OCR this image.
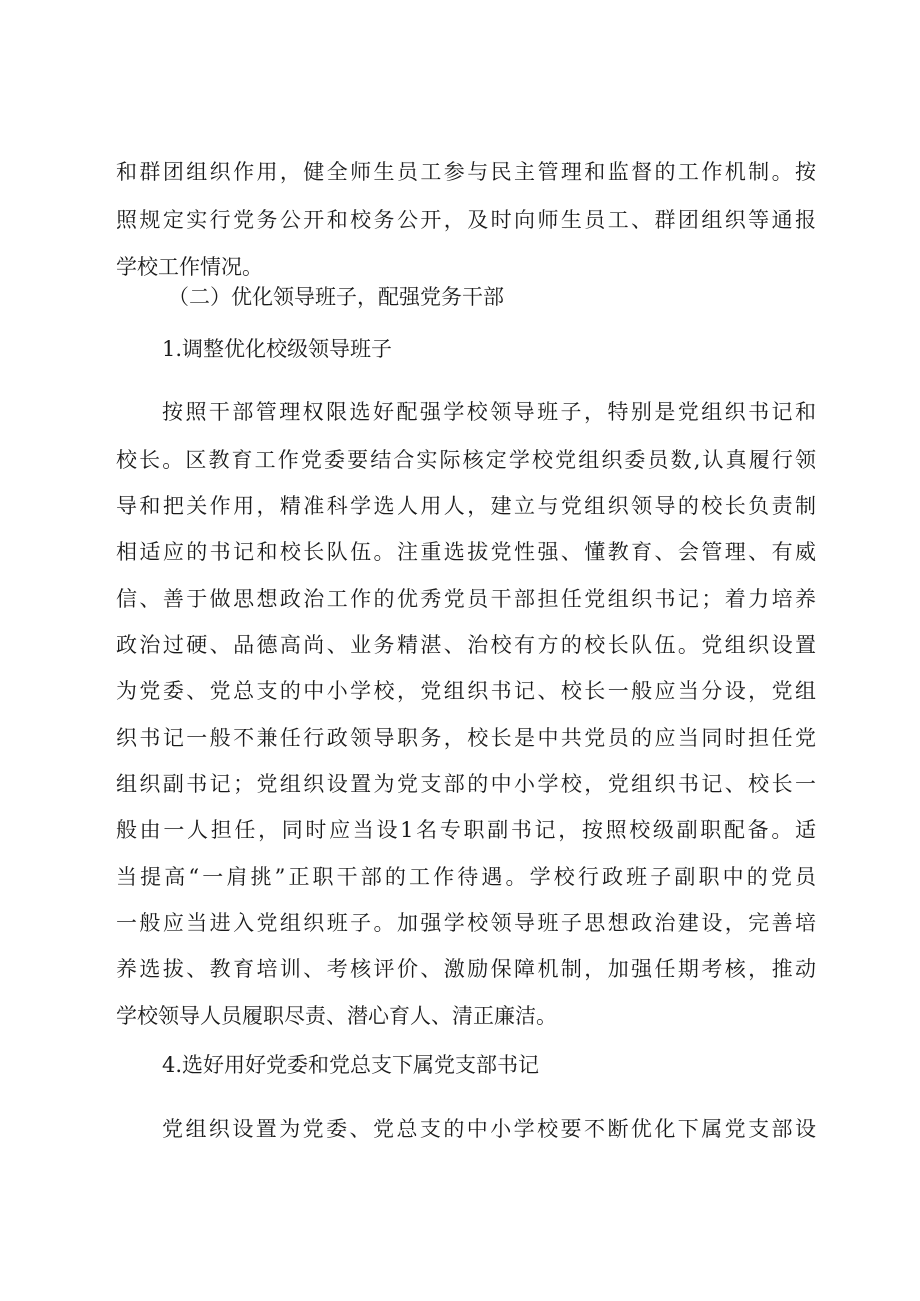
和群团组织作用，健全师生员工参与民主管理和监督的工作机制。按
照规定实行党务公开和校务公开，及时向师生员工、群团组织等通报
学校工作情况。
（二）优化领导班子，配强党务干部
1.调整优化校级领导班子
按照干部管理权限选好配强学校领导班子，特别是党组织书记和
校长。区教育工作党委要结合实际核定学校党组织委员数,认真履行领
导和把关作用，精准科学选人用人，建立与党组织领导的校长负责制
相适应的书记和校长队伍。注重选拔党性强、懂教育、会管理、有威
信、善于做思想政治工作的优秀党员干部担任党组织书记；着力培养
政治过硬、品德高尚、业务精湛、治校有方的校长队伍。党组织设置
为党委、党总支的中小学校，党组织书记、校长一般应当分设，党组
织书记一般不兼任行政领导职务，校长是中共党员的应当同时担任党
组织副书记；党组织设置为党支部的中小学校，党组织书记、校长一
般由一人担任，同时应当设1名专职副书记，按照校级副职配备。适
当提高“一肩挑”正职干部的工作待遇。学校行政班子副职中的党员
一般应当进入党组织班子。加强学校领导班子思想政治建设，完善培
养选拔、教育培训、考核评价、激励保障机制，加强任期考核，推动
学校领导人员履职尽责、潜心育人、清正廉洁。
4.选好用好党委和党总支下属党支部书记
党组织设置为党委、党总支的中小学校要不断优化下属党支部设
